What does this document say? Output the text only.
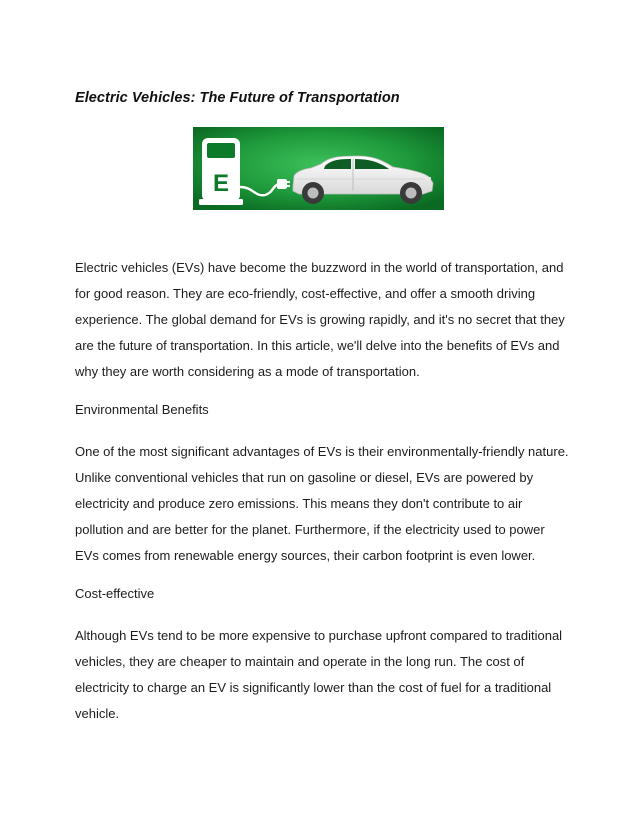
Electric Vehicles: The Future of Transportation
E

Electric vehicles (EVs) have become the buzzword in the world of transportation, and for good reason. They are eco-friendly, cost-effective, and offer a smooth driving experience. The global demand for EVs is growing rapidly, and it's no secret that they are the future of transportation. In this article, we'll delve into the benefits of EVs and why they are worth considering as a mode of transportation.

Environmental Benefits

One of the most significant advantages of EVs is their environmentally-friendly nature. Unlike conventional vehicles that run on gasoline or diesel, EVs are powered by electricity and produce zero emissions. This means they don't contribute to air pollution and are better for the planet. Furthermore, if the electricity used to power EVs comes from renewable energy sources, their carbon footprint is even lower.

Cost-effective

Although EVs tend to be more expensive to purchase upfront compared to traditional vehicles, they are cheaper to maintain and operate in the long run. The cost of electricity to charge an EV is significantly lower than the cost of fuel for a traditional vehicle.
